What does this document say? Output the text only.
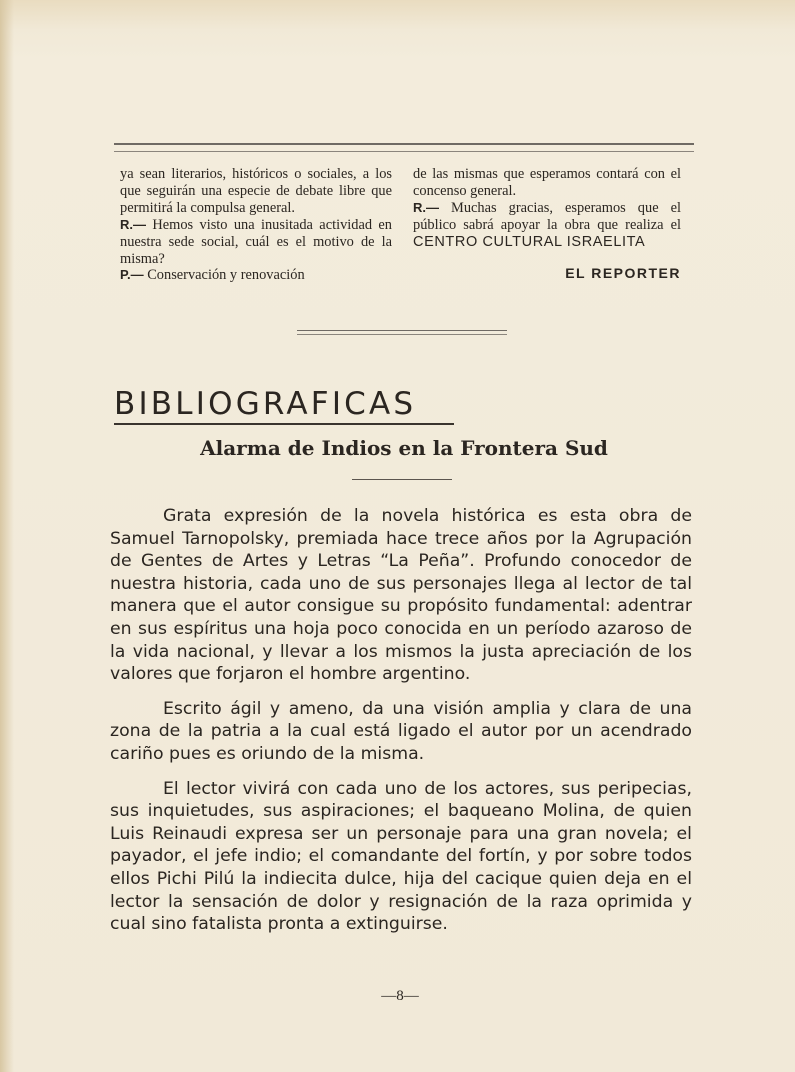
ya sean literarios, históricos o sociales, a los que seguirán una especie de debate libre que permitirá la compulsa general.

R.— Hemos visto una inusitada actividad en nuestra sede social, cuál es el motivo de la misma?

P.— Conservación y renovación

de las mismas que esperamos contará con el concenso general.

R.— Muchas gracias, esperamos que el público sabrá apoyar la obra que realiza el CENTRO CULTURAL ISRAELITA

EL REPORTER

BIBLIOGRAFICAS
Alarma de Indios en la Frontera Sud

Grata expresión de la novela histórica es esta obra de Samuel Tarnopolsky, premiada hace trece años por la Agrupación de Gentes de Artes y Letras “La Peña”. Profundo conocedor de nuestra historia, cada uno de sus personajes llega al lector de tal manera que el autor consigue su propósito fundamental: adentrar en sus espíritus una hoja poco conocida en un período azaroso de la vida nacional, y llevar a los mismos la justa apreciación de los valores que forjaron el hombre argentino.

Escrito ágil y ameno, da una visión amplia y clara de una zona de la patria a la cual está ligado el autor por un acendrado cariño pues es oriundo de la misma.

El lector vivirá con cada uno de los actores, sus peripecias, sus inquietudes, sus aspiraciones; el baqueano Molina, de quien Luis Reinaudi expresa ser un personaje para una gran novela; el payador, el jefe indio; el comandante del fortín, y por sobre todos ellos Pichi Pilú la indiecita dulce, hija del cacique quien deja en el lector la sensación de dolor y resignación de la raza oprimida y cual sino fatalista pronta a extinguirse.

—8—
